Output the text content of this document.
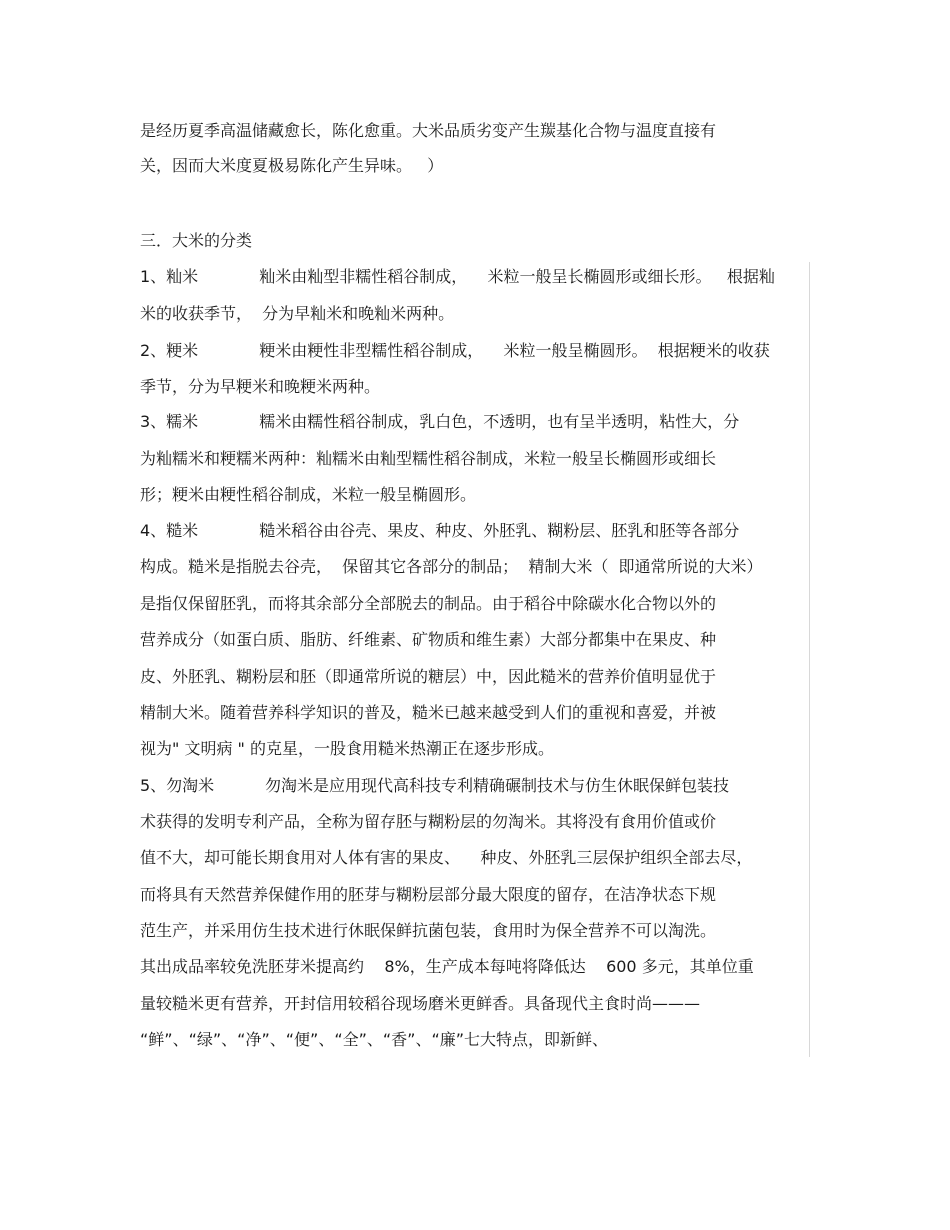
是经历夏季高温储藏愈长，陈化愈重。大米品质劣变产生羰基化合物与温度直接有
关，因而大米度夏极易陈化产生异味。   ）
三．大米的分类
1、籼米            籼米由籼型非糯性稻谷制成，    米粒一般呈长椭圆形或细长形。   根据籼
米的收获季节，  分为早籼米和晚籼米两种。
2、粳米            粳米由粳性非型糯性稻谷制成，    米粒一般呈椭圆形。  根据粳米的收获
季节，分为早粳米和晚粳米两种。
3、糯米            糯米由糯性稻谷制成，乳白色，不透明，也有呈半透明，粘性大，分
为籼糯米和粳糯米两种：籼糯米由籼型糯性稻谷制成，米粒一般呈长椭圆形或细长
形；粳米由粳性稻谷制成，米粒一般呈椭圆形。
4、糙米            糙米稻谷由谷壳、果皮、种皮、外胚乳、糊粉层、胚乳和胚等各部分
构成。糙米是指脱去谷壳，  保留其它各部分的制品；  精制大米（  即通常所说的大米）
是指仅保留胚乳，而将其余部分全部脱去的制品。由于稻谷中除碳水化合物以外的
营养成分（如蛋白质、脂肪、纤维素、矿物质和维生素）大部分都集中在果皮、种
皮、外胚乳、糊粉层和胚（即通常所说的糖层）中，因此糙米的营养价值明显优于
精制大米。随着营养科学知识的普及，糙米已越来越受到人们的重视和喜爱，并被
视为" 文明病 " 的克星，一股食用糙米热潮正在逐步形成。
5、勿淘米          勿淘米是应用现代高科技专利精确碾制技术与仿生休眠保鲜包装技
术获得的发明专利产品，全称为留存胚与糊粉层的勿淘米。其将没有食用价值或价
值不大，却可能长期食用对人体有害的果皮、    种皮、外胚乳三层保护组织全部去尽，
而将具有天然营养保健作用的胚芽与糊粉层部分最大限度的留存，在洁净状态下规
范生产，并采用仿生技术进行休眠保鲜抗菌包装，食用时为保全营养不可以淘洗。
其出成品率较免洗胚芽米提高约    8%，生产成本每吨将降低达    600 多元，其单位重
量较糙米更有营养，开封信用较稻谷现场磨米更鲜香。具备现代主食时尚———
“鲜”、“绿”、“净”、“便”、“全”、“香”、“廉”七大特点，即新鲜、
